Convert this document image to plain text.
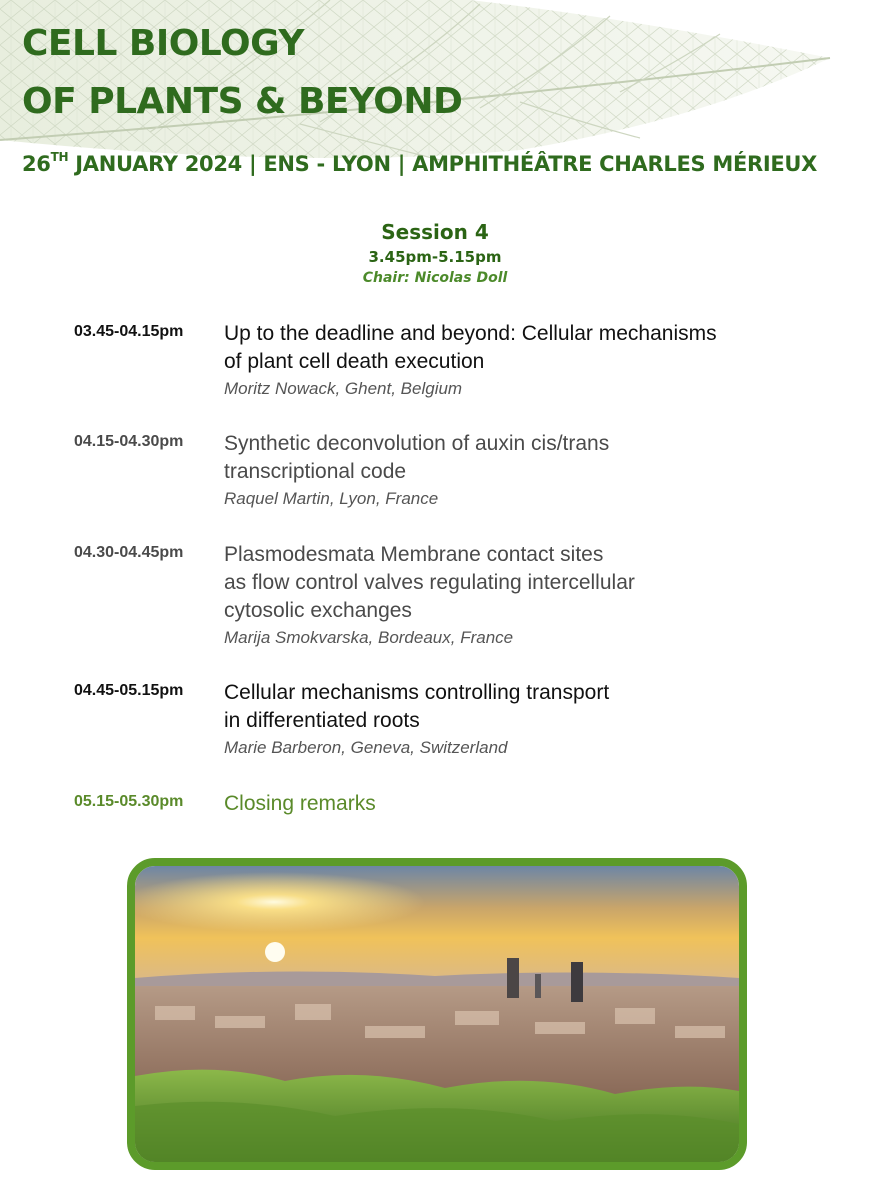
CELL BIOLOGY
OF PLANTS & BEYOND
26TH JANUARY 2024 | ENS - LYON | AMPHITHÉÂTRE CHARLES MÉRIEUX
Session 4
3.45pm-5.15pm
Chair: Nicolas Doll
03.45-04.15pm Up to the deadline and beyond: Cellular mechanisms
of plant cell death execution
Moritz Nowack, Ghent, Belgium
04.15-04.30pm Synthetic deconvolution of auxin cis/trans
transcriptional code
Raquel Martin, Lyon, France
04.30-04.45pm Plasmodesmata Membrane contact sites
as flow control valves regulating intercellular
cytosolic exchanges
Marija Smokvarska, Bordeaux, France
04.45-05.15pm Cellular mechanisms controlling transport
in differentiated roots
Marie Barberon, Geneva, Switzerland
05.15-05.30pm Closing remarks
